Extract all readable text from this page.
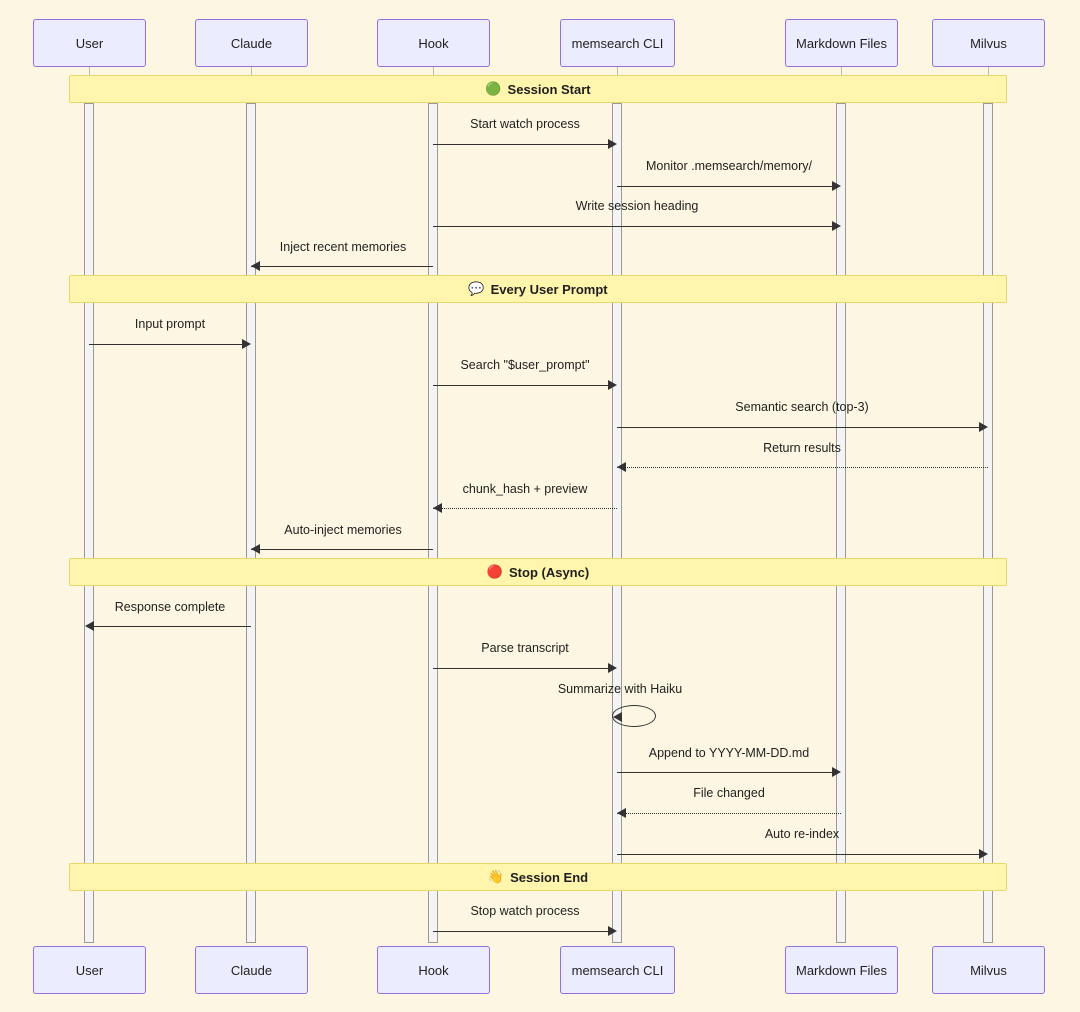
User	Claude	Hook	memsearch CLI	Markdown Files	Milvus
User	Claude	Hook	memsearch CLI	Markdown Files	Milvus
🟢 Session Start
💬 Every User Prompt
🔴 Stop (Async)
👋 Session End
Start watch process
Monitor .memsearch/memory/
Write session heading
Inject recent memories
Input prompt
Search "$user_prompt"
Semantic search (top-3)
Return results
chunk_hash + preview
Auto-inject memories
Response complete
Parse transcript
Summarize with Haiku
Append to YYYY-MM-DD.md
File changed
Auto re-index
Stop watch process
